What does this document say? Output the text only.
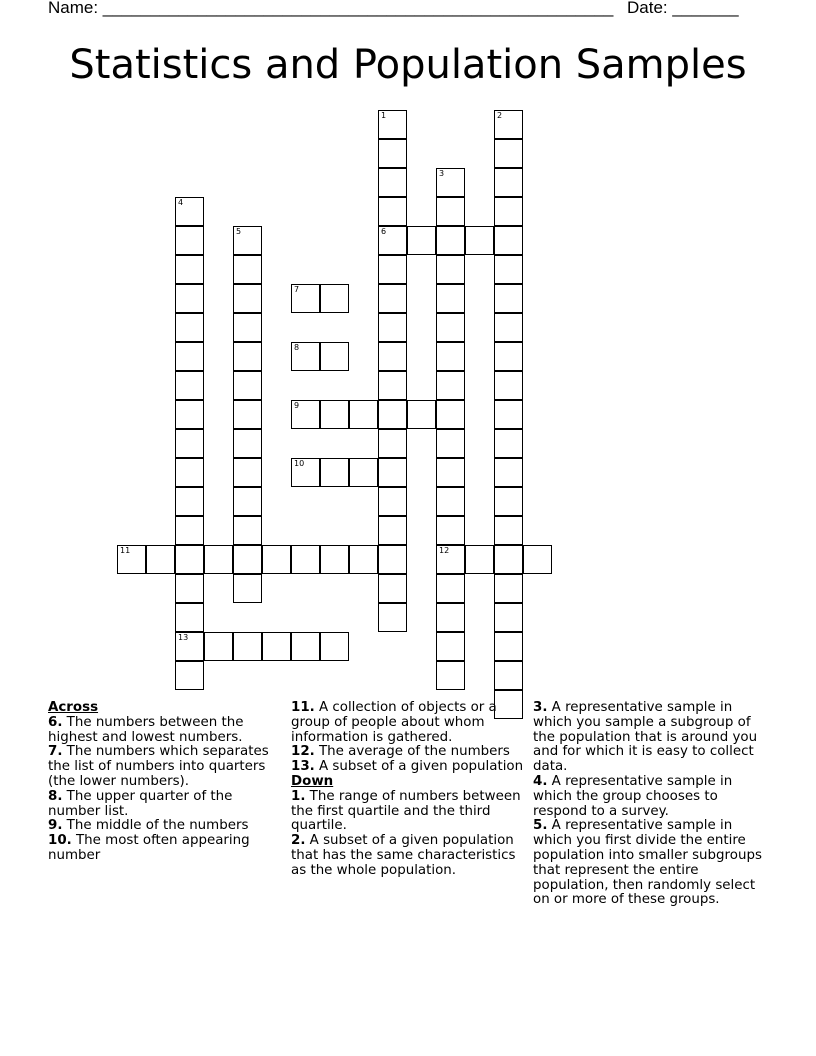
Name: ______________________________________________________ Date: _______
Statistics and Population Samples
1
6
2
3
12
4
13
5
7
8
9
10
11

Across

6. The numbers between the highest and lowest numbers.

7. The numbers which separates the list of numbers into quarters (the lower numbers).

8. The upper quarter of the number list.

9. The middle of the numbers

10. The most often appearing number

11. A collection of objects or a group of people about whom information is gathered.

12. The average of the numbers

13. A subset of a given population

Down

1. The range of numbers between the first quartile and the third quartile.

2. A subset of a given population that has the same characteristics as the whole population.

3. A representative sample in which you sample a subgroup of the population that is around you and for which it is easy to collect data.

4. A representative sample in which the group chooses to respond to a survey.

5. A representative sample in which you first divide the entire population into smaller subgroups that represent the entire population, then randomly select on or more of these groups.
